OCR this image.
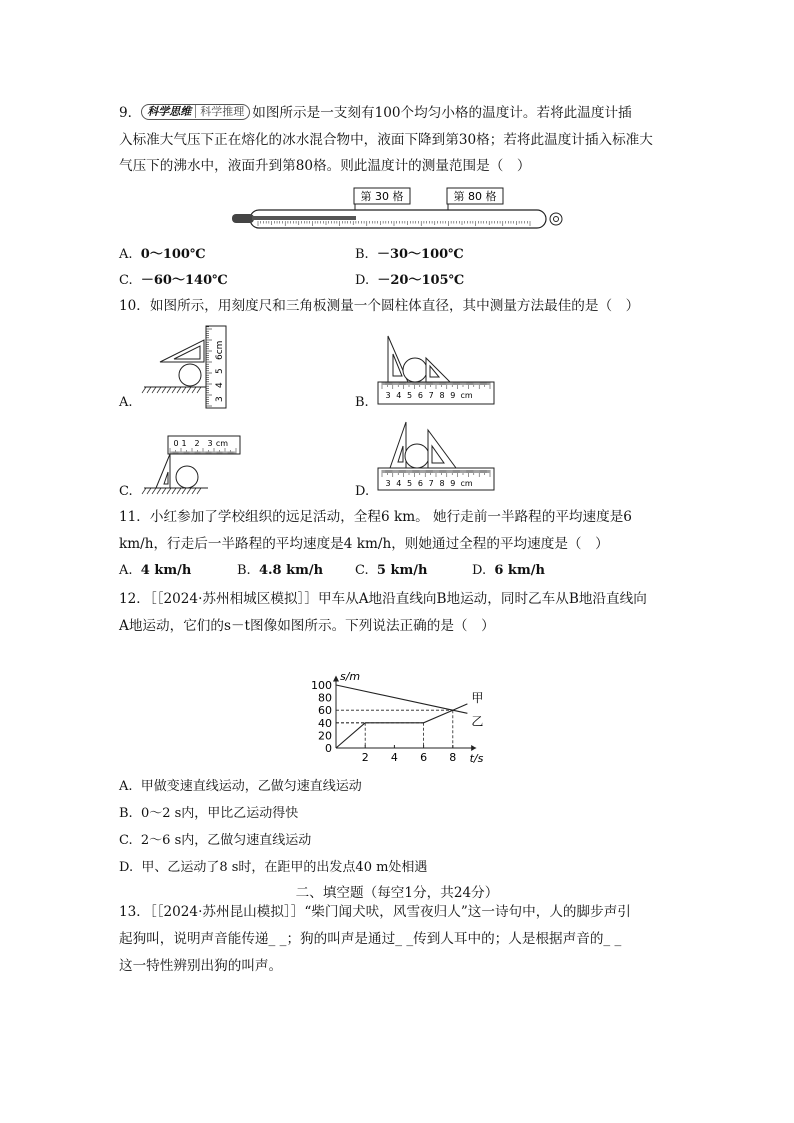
9． 科学思维 科学推理 如图所示是一支刻有100个均匀小格的温度计。若将此温度计插
入标准大气压下正在熔化的冰水混合物中，液面下降到第30格；若将此温度计插入标准大
气压下的沸水中，液面升到第80格。则此温度计的测量范围是（　）
第 30 格	第 80 格
A. 0～100℃	B. －30～100℃
C. －60～140℃	D. －20～105℃
10．如图所示，用刻度尺和三角板测量一个圆柱体直径，其中测量方法最佳的是（　）
A.	3
4
5
6cm
B. 3 4 5 6 7 8 9 cm
C.
0 1 2 3 cm
D.
3 4 5 6 7 8 9 cm
11．小红参加了学校组织的远足活动，全程6 km。 她行走前一半路程的平均速度是6
km/h，行走后一半路程的平均速度是4 km/h，则她通过全程的平均速度是（　）
A. 4 km/h	B. 4.8 km/h C. 5 km/h	D. 6 km/h
12．［［2024·苏州相城区模拟］］甲车从A地沿直线向B地运动，同时乙车从B地沿直线向
A地运动，它们的s－t图像如图所示。下列说法正确的是（　）
s/m
t/s
0
20
40
60
80
100
2 4 6 8
乙
甲
A. 甲做变速直线运动，乙做匀速直线运动
B. 0～2 s内，甲比乙运动得快
C. 2～6 s内，乙做匀速直线运动
D. 甲、乙运动了8 s时，在距甲的出发点40 m处相遇
二、填空题（每空1分，共24分）
13．［［2024·苏州昆山模拟］］“柴门闻犬吠，风雪夜归人”这一诗句中，人的脚步声引
起狗叫，说明声音能传递_ _；狗的叫声是通过_ _传到人耳中的；人是根据声音的_ _
这一特性辨别出狗的叫声。
